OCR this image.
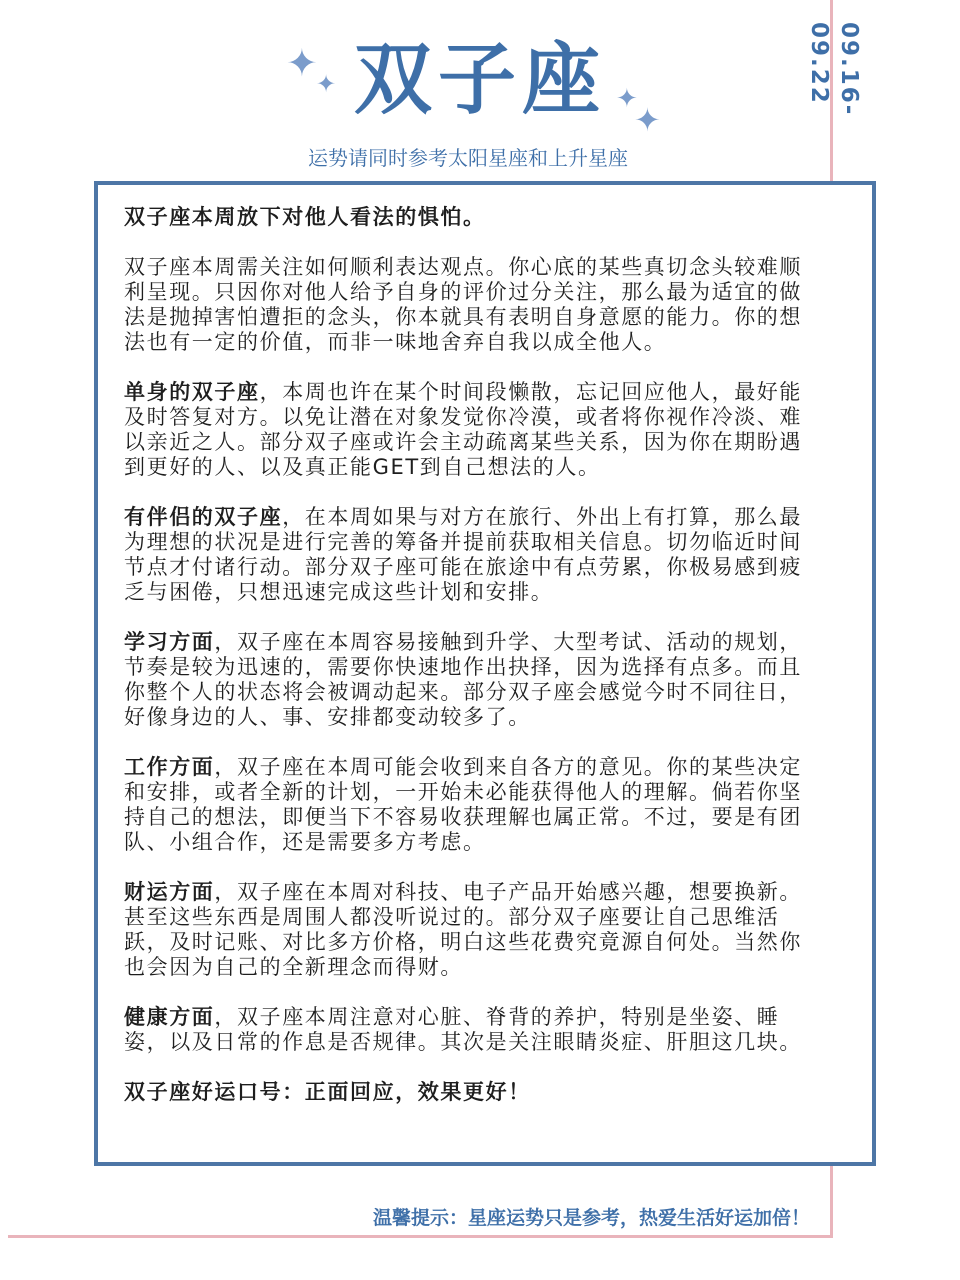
✦
✦	✦
✦
双子座
运势请同时参考太阳星座和上升星座
09.16-09.22

双子座本周放下对他人看法的惧怕。

双子座本周需关注如何顺利表达观点。你心底的某些真切念头较难顺利呈现。只因你对他人给予自身的评价过分关注，那么最为适宜的做法是抛掉害怕遭拒的念头，你本就具有表明自身意愿的能力。你的想法也有一定的价值，而非一味地舍弃自我以成全他人。

单身的双子座，本周也许在某个时间段懒散，忘记回应他人，最好能及时答复对方。以免让潜在对象发觉你冷漠，或者将你视作冷淡、难以亲近之人。部分双子座或许会主动疏离某些关系，因为你在期盼遇到更好的人、以及真正能GET到自己想法的人。

有伴侣的双子座，在本周如果与对方在旅行、外出上有打算，那么最为理想的状况是进行完善的筹备并提前获取相关信息。切勿临近时间节点才付诸行动。部分双子座可能在旅途中有点劳累，你极易感到疲乏与困倦，只想迅速完成这些计划和安排。

学习方面，双子座在本周容易接触到升学、大型考试、活动的规划，节奏是较为迅速的，需要你快速地作出抉择，因为选择有点多。而且你整个人的状态将会被调动起来。部分双子座会感觉今时不同往日，好像身边的人、事、安排都变动较多了。

工作方面，双子座在本周可能会收到来自各方的意见。你的某些决定和安排，或者全新的计划，一开始未必能获得他人的理解。倘若你坚持自己的想法，即便当下不容易收获理解也属正常。不过，要是有团队、小组合作，还是需要多方考虑。

财运方面，双子座在本周对科技、电子产品开始感兴趣，想要换新。甚至这些东西是周围人都没听说过的。部分双子座要让自己思维活跃，及时记账、对比多方价格，明白这些花费究竟源自何处。当然你也会因为自己的全新理念而得财。

健康方面，双子座本周注意对心脏、脊背的养护，特别是坐姿、睡姿，以及日常的作息是否规律。其次是关注眼睛炎症、肝胆这几块。

双子座好运口号：正面回应，效果更好！

温馨提示：星座运势只是参考，热爱生活好运加倍！
